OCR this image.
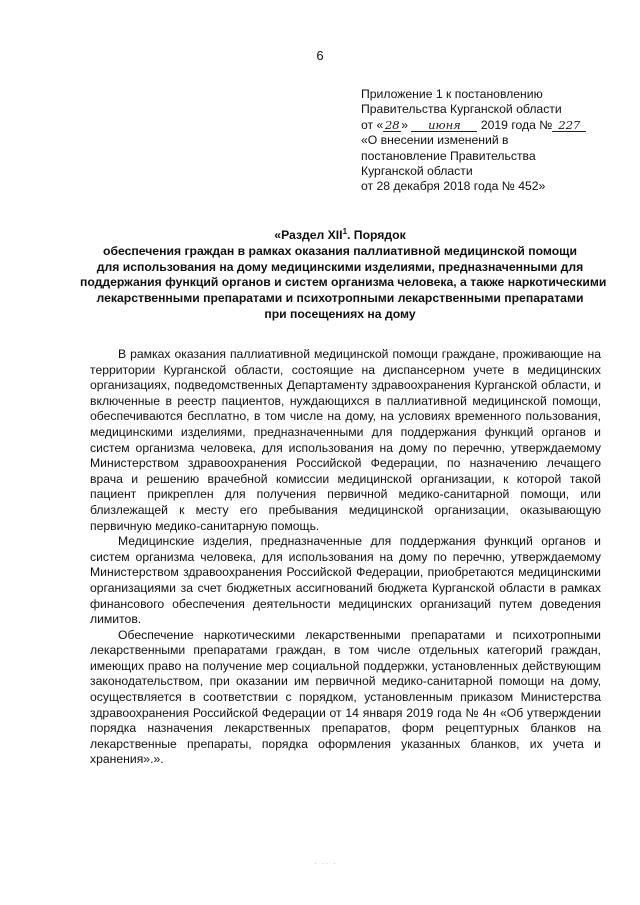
6
Приложение 1 к постановлению
Правительства Курганской области
от « 28 » июня 2019 года № 227
«О внесении изменений в
постановление Правительства
Курганской области
от 28 декабря 2018 года № 452»
«Раздел XII$^1$. Порядок
обеспечения граждан в рамках оказания паллиативной медицинской помощи
для использования на дому медицинскими изделиями, предназначенными для
поддержания функций органов и систем организма человека, а также наркотическими
лекарственными препаратами и психотропными лекарственными препаратами
при посещениях на дому

В рамках оказания паллиативной медицинской помощи граждане, проживающие на территории Курганской области, состоящие на диспансерном учете в медицинских организациях, подведомственных Департаменту здравоохранения Курганской области, и включенные в реестр пациентов, нуждающихся в паллиативной медицинской помощи, обеспечиваются бесплатно, в том числе на дому, на условиях временного пользования, медицинскими изделиями, предназначенными для поддержания функций органов и систем организма человека, для использования на дому по перечню, утверждаемому Министерством здравоохранения Российской Федерации, по назначению лечащего врача и решению врачебной комиссии медицинской организации, к которой такой пациент прикреплен для получения первичной медико-санитарной помощи, или близлежащей к месту его пребывания медицинской организации, оказывающую первичную медико-санитарную помощь.

Медицинские изделия, предназначенные для поддержания функций органов и систем организма человека, для использования на дому по перечню, утверждаемому Министерством здравоохранения Российской Федерации, приобретаются медицинскими организациями за счет бюджетных ассигнований бюджета Курганской области в рамках финансового обеспечения деятельности медицинских организаций путем доведения лимитов.

Обеспечение наркотическими лекарственными препаратами и психотропными лекарственными препаратами граждан, в том числе отдельных категорий граждан, имеющих право на получение мер социальной поддержки, установленных действующим законодательством, при оказании им первичной медико-санитарной помощи на дому, осуществляется в соответствии с порядком, установленным приказом Министерства здравоохранения Российской Федерации от 14 января 2019 года № 4н «Об утверждении порядка назначения лекарственных препаратов, форм рецептурных бланков на лекарственные препараты, порядка оформления указанных бланков, их учета и хранения».».

· ·· ·
